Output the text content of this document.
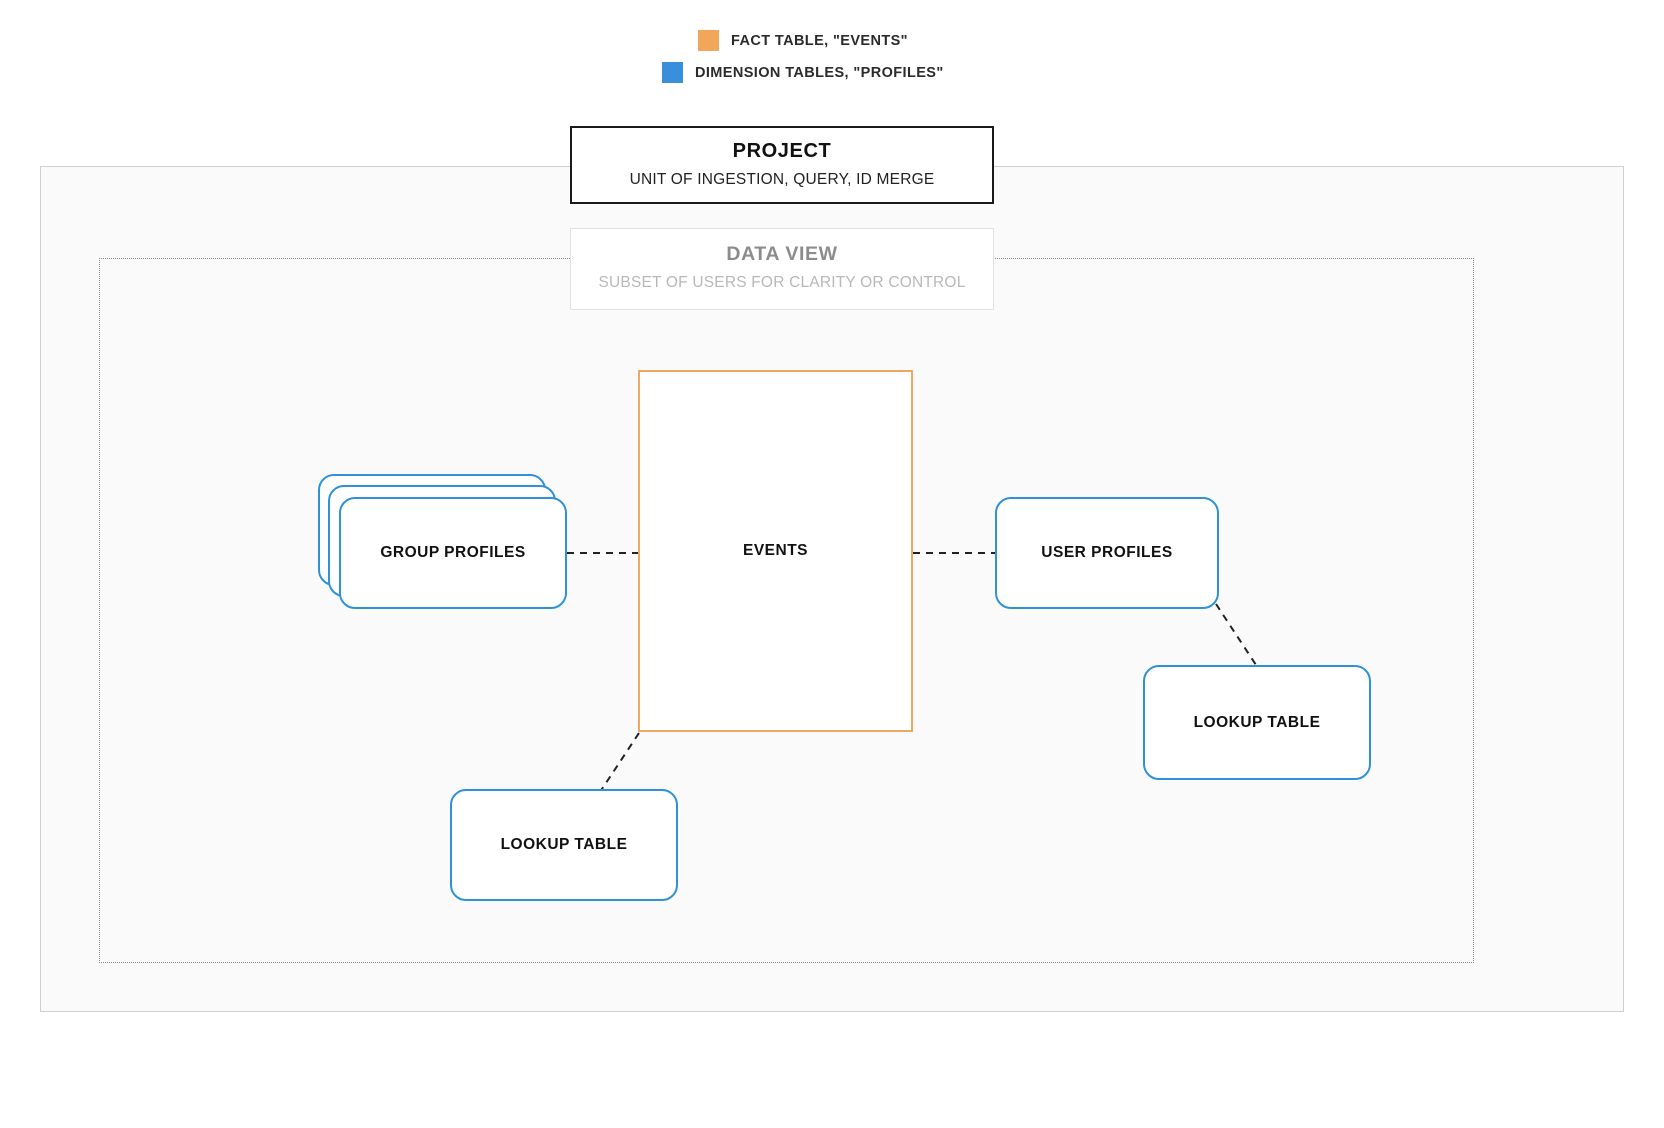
FACT TABLE, "EVENTS"
DIMENSION TABLES, "PROFILES"
PROJECT
UNIT OF INGESTION, QUERY, ID MERGE
DATA VIEW
SUBSET OF USERS FOR CLARITY OR CONTROL
EVENTS
GROUP PROFILES	USER PROFILES
LOOKUP TABLE
LOOKUP TABLE
